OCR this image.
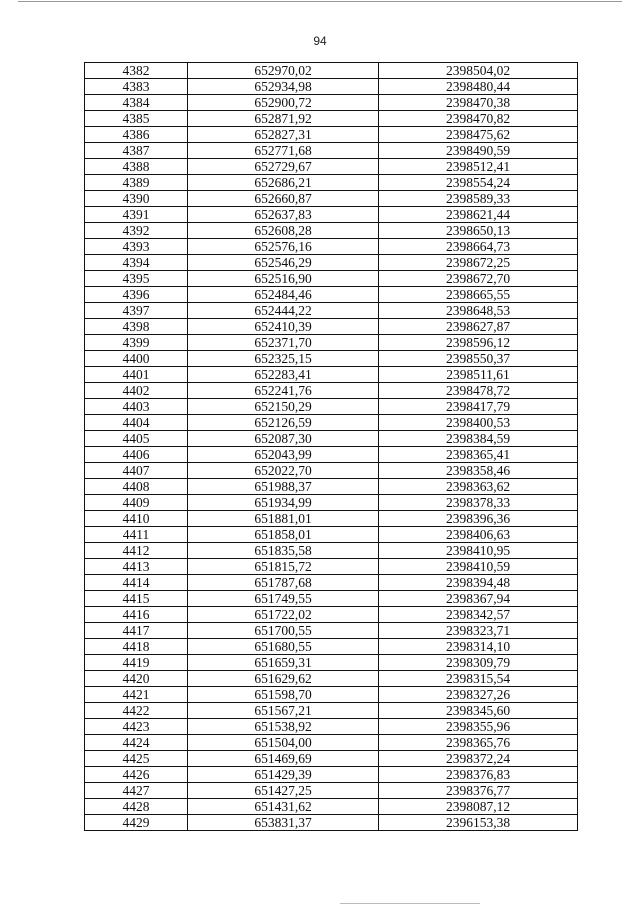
94
4382	652970,02	2398504,02
4383	652934,98	2398480,44
4384	652900,72	2398470,38
4385	652871,92	2398470,82
4386	652827,31	2398475,62
4387	652771,68	2398490,59
4388	652729,67	2398512,41
4389	652686,21	2398554,24
4390	652660,87	2398589,33
4391	652637,83	2398621,44
4392	652608,28	2398650,13
4393	652576,16	2398664,73
4394	652546,29	2398672,25
4395	652516,90	2398672,70
4396	652484,46	2398665,55
4397	652444,22	2398648,53
4398	652410,39	2398627,87
4399	652371,70	2398596,12
4400	652325,15	2398550,37
4401	652283,41	2398511,61
4402	652241,76	2398478,72
4403	652150,29	2398417,79
4404	652126,59	2398400,53
4405	652087,30	2398384,59
4406	652043,99	2398365,41
4407	652022,70	2398358,46
4408	651988,37	2398363,62
4409	651934,99	2398378,33
4410	651881,01	2398396,36
4411	651858,01	2398406,63
4412	651835,58	2398410,95
4413	651815,72	2398410,59
4414	651787,68	2398394,48
4415	651749,55	2398367,94
4416	651722,02	2398342,57
4417	651700,55	2398323,71
4418	651680,55	2398314,10
4419	651659,31	2398309,79
4420	651629,62	2398315,54
4421	651598,70	2398327,26
4422	651567,21	2398345,60
4423	651538,92	2398355,96
4424	651504,00	2398365,76
4425	651469,69	2398372,24
4426	651429,39	2398376,83
4427	651427,25	2398376,77
4428	651431,62	2398087,12
4429	653831,37	2396153,38
